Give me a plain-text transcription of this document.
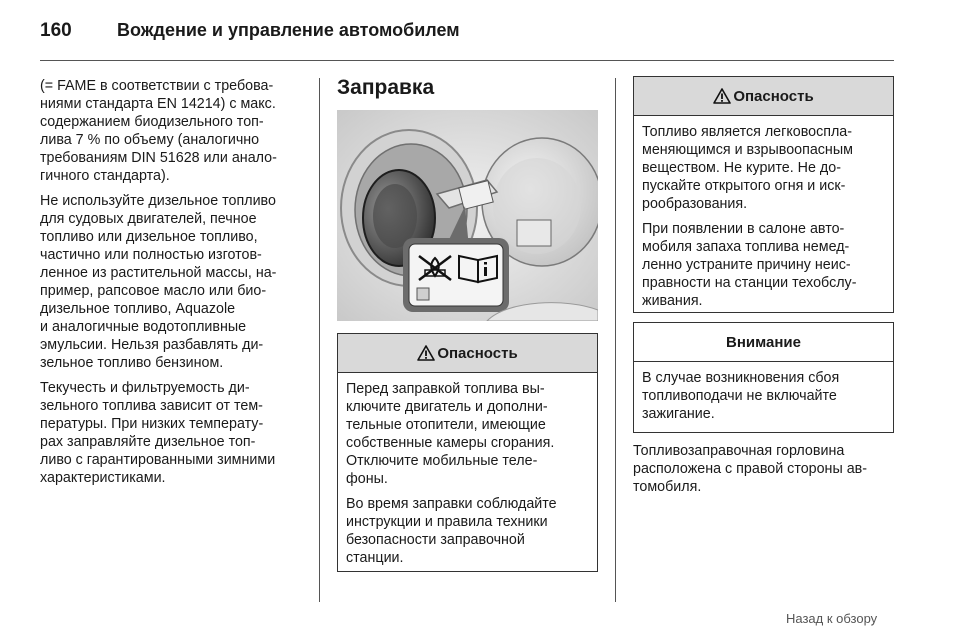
160	Вождение и управление автомобилем

(= FAME в соответствии с требова-
ниями стандарта EN 14214) с макс.
содержанием биодизельного топ-
лива 7 % по объему (аналогично
требованиям DIN 51628 или анало-
гичного стандарта).

Не используйте дизельное топливо
для судовых двигателей, печное
топливо или дизельное топливо,
частично или полностью изготов-
ленное из растительной массы, на-
пример, рапсовое масло или био-
дизельное топливо, Aquazole
и аналогичные водотопливные
эмульсии. Нельзя разбавлять ди-
зельное топливо бензином.

Текучесть и фильтруемость ди-
зельного топлива зависит от тем-
пературы. При низких температу-
рах заправляйте дизельное топ-
ливо с гарантированными зимними
характеристиками.

Заправка
Опасность

Перед заправкой топлива вы-
ключите двигатель и дополни-
тельные отопители, имеющие
собственные камеры сгорания.
Отключите мобильные теле-
фоны.

Во время заправки соблюдайте
инструкции и правила техники
безопасности заправочной
станции.

Опасность

Топливо является легковоспла-
меняющимся и взрывоопасным
веществом. Не курите. Не до-
пускайте открытого огня и иск-
рообразования.

При появлении в салоне авто-
мобиля запаха топлива немед-
ленно устраните причину неис-
правности на станции техобслу-
живания.

Внимание

В случае возникновения сбоя
топливоподачи не включайте
зажигание.

Топливозаправочная горловина
расположена с правой стороны ав-
томобиля.

Назад к обзору
